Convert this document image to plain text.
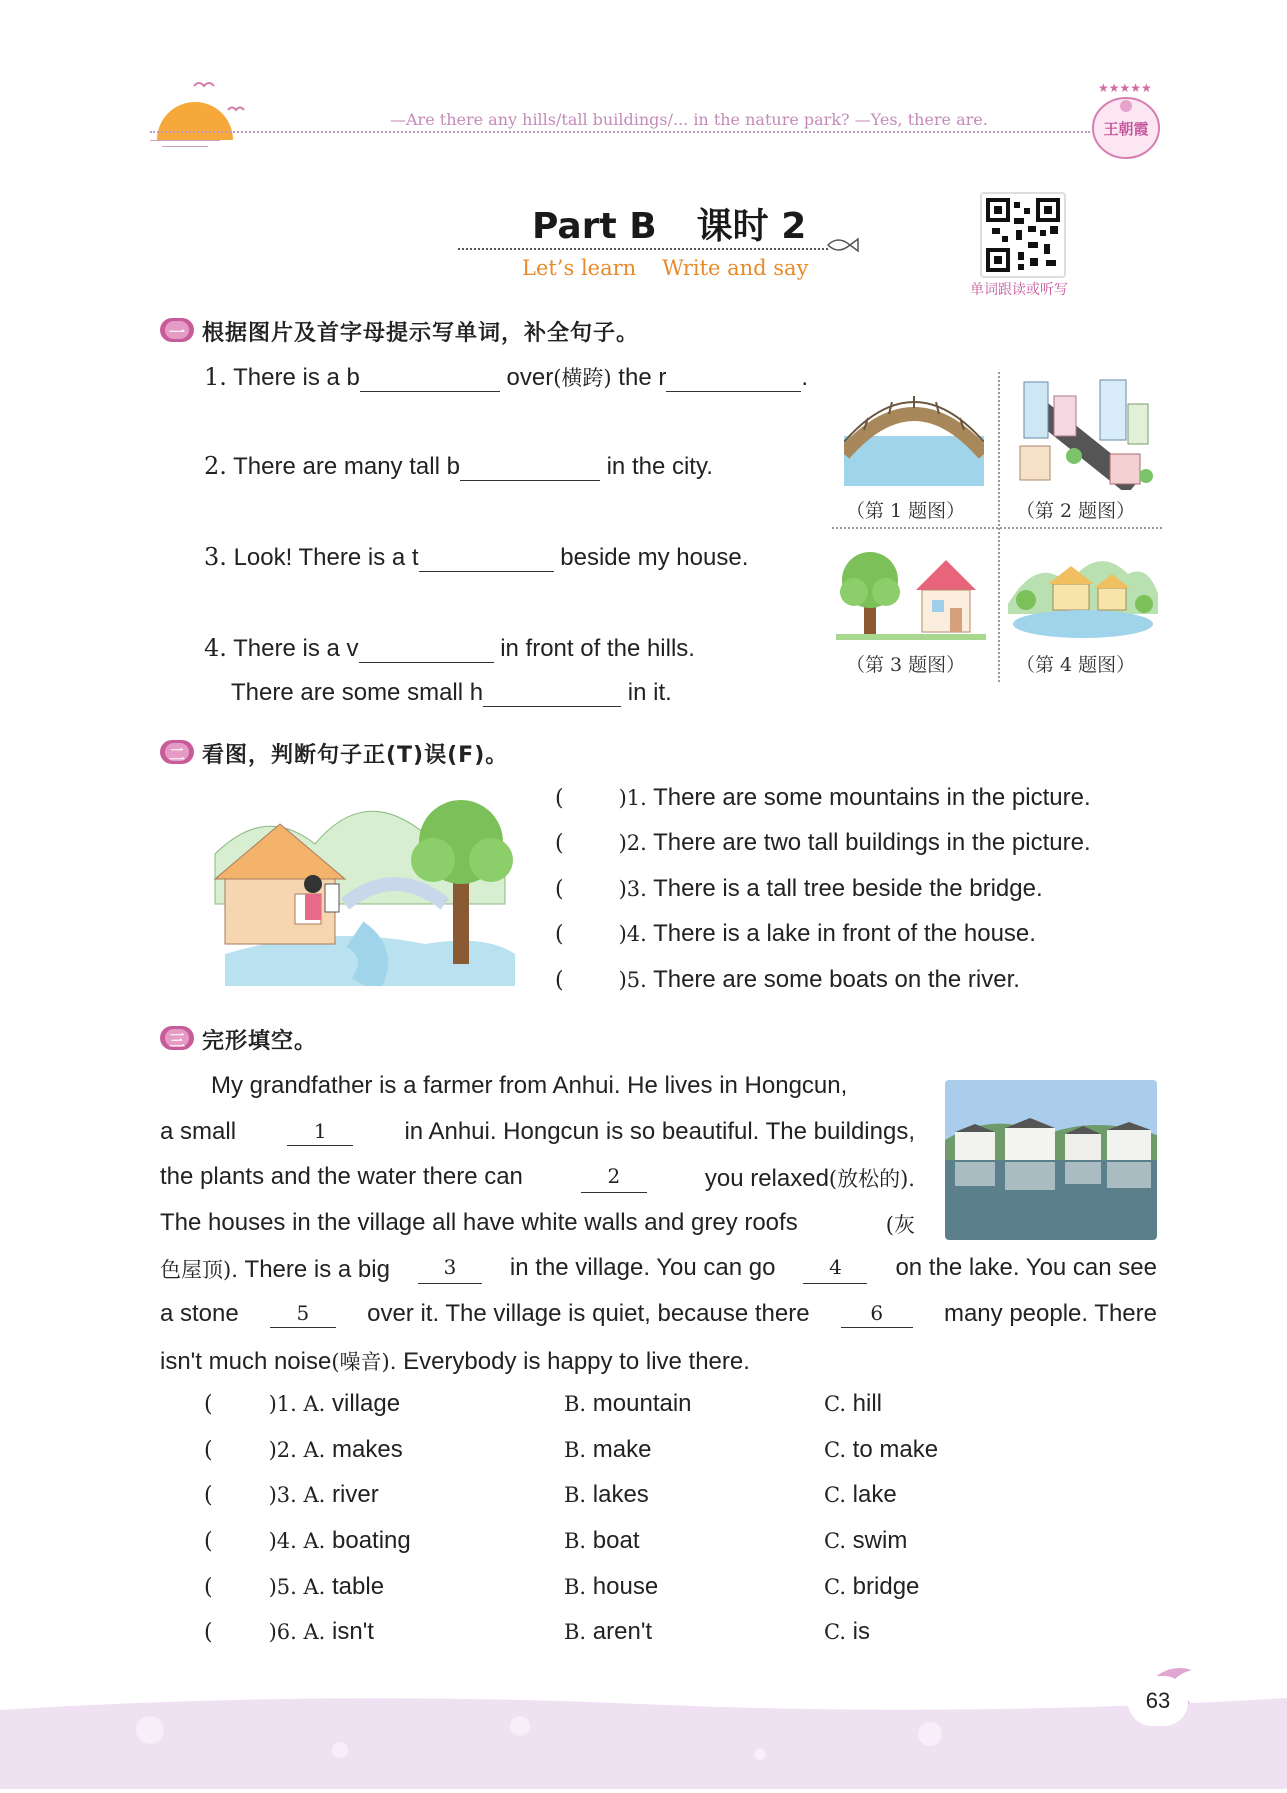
—Are there any hills/tall buildings/... in the nature park? —Yes, there are.
★★★★★
王朝霞
Part B 课时 2
Let’s learn Write and say
单词跟读或听写
一 根据图片及首字母提示写单词，补全句子。
1. There is a b	over(横跨) the r	.
2. There are many tall b	in the city.
3. Look! There is a t	beside my house.
4. There is a v	in front of the hills.
There are some small h	in it.
（第 1 题图）	（第 2 题图）
（第 3 题图）	（第 4 题图）
二 看图，判断句子正(T)误(F)。
(	)1. There are some mountains in the picture.
(	)2. There are two tall buildings in the picture.
(	)3. There is a tall tree beside the bridge.
(	)4. There is a lake in front of the house.
(	)5. There are some boats on the river.
三 完形填空。
My grandfather is a farmer from Anhui. He lives in Hongcun,
a small	1	in Anhui. Hongcun is so beautiful. The buildings,
the plants and the water there can	2	you relaxed(放松的).
The houses in the village all have white walls and grey roofs	(灰
色屋顶). There is a big	3	in the village. You can go	4	on the lake. You can see
a stone	5	over it. The village is quiet, because there	6	many people. There
isn't much noise(噪音). Everybody is happy to live there.
(	)1. A. village	B. mountain	C. hill
(	)2. A. makes	B. make	C. to make
(	)3. A. river	B. lakes	C. lake
(	)4. A. boating	B. boat	C. swim
(	)5. A. table	B. house	C. bridge
(	)6. A. isn't	B. aren't	C. is
63
